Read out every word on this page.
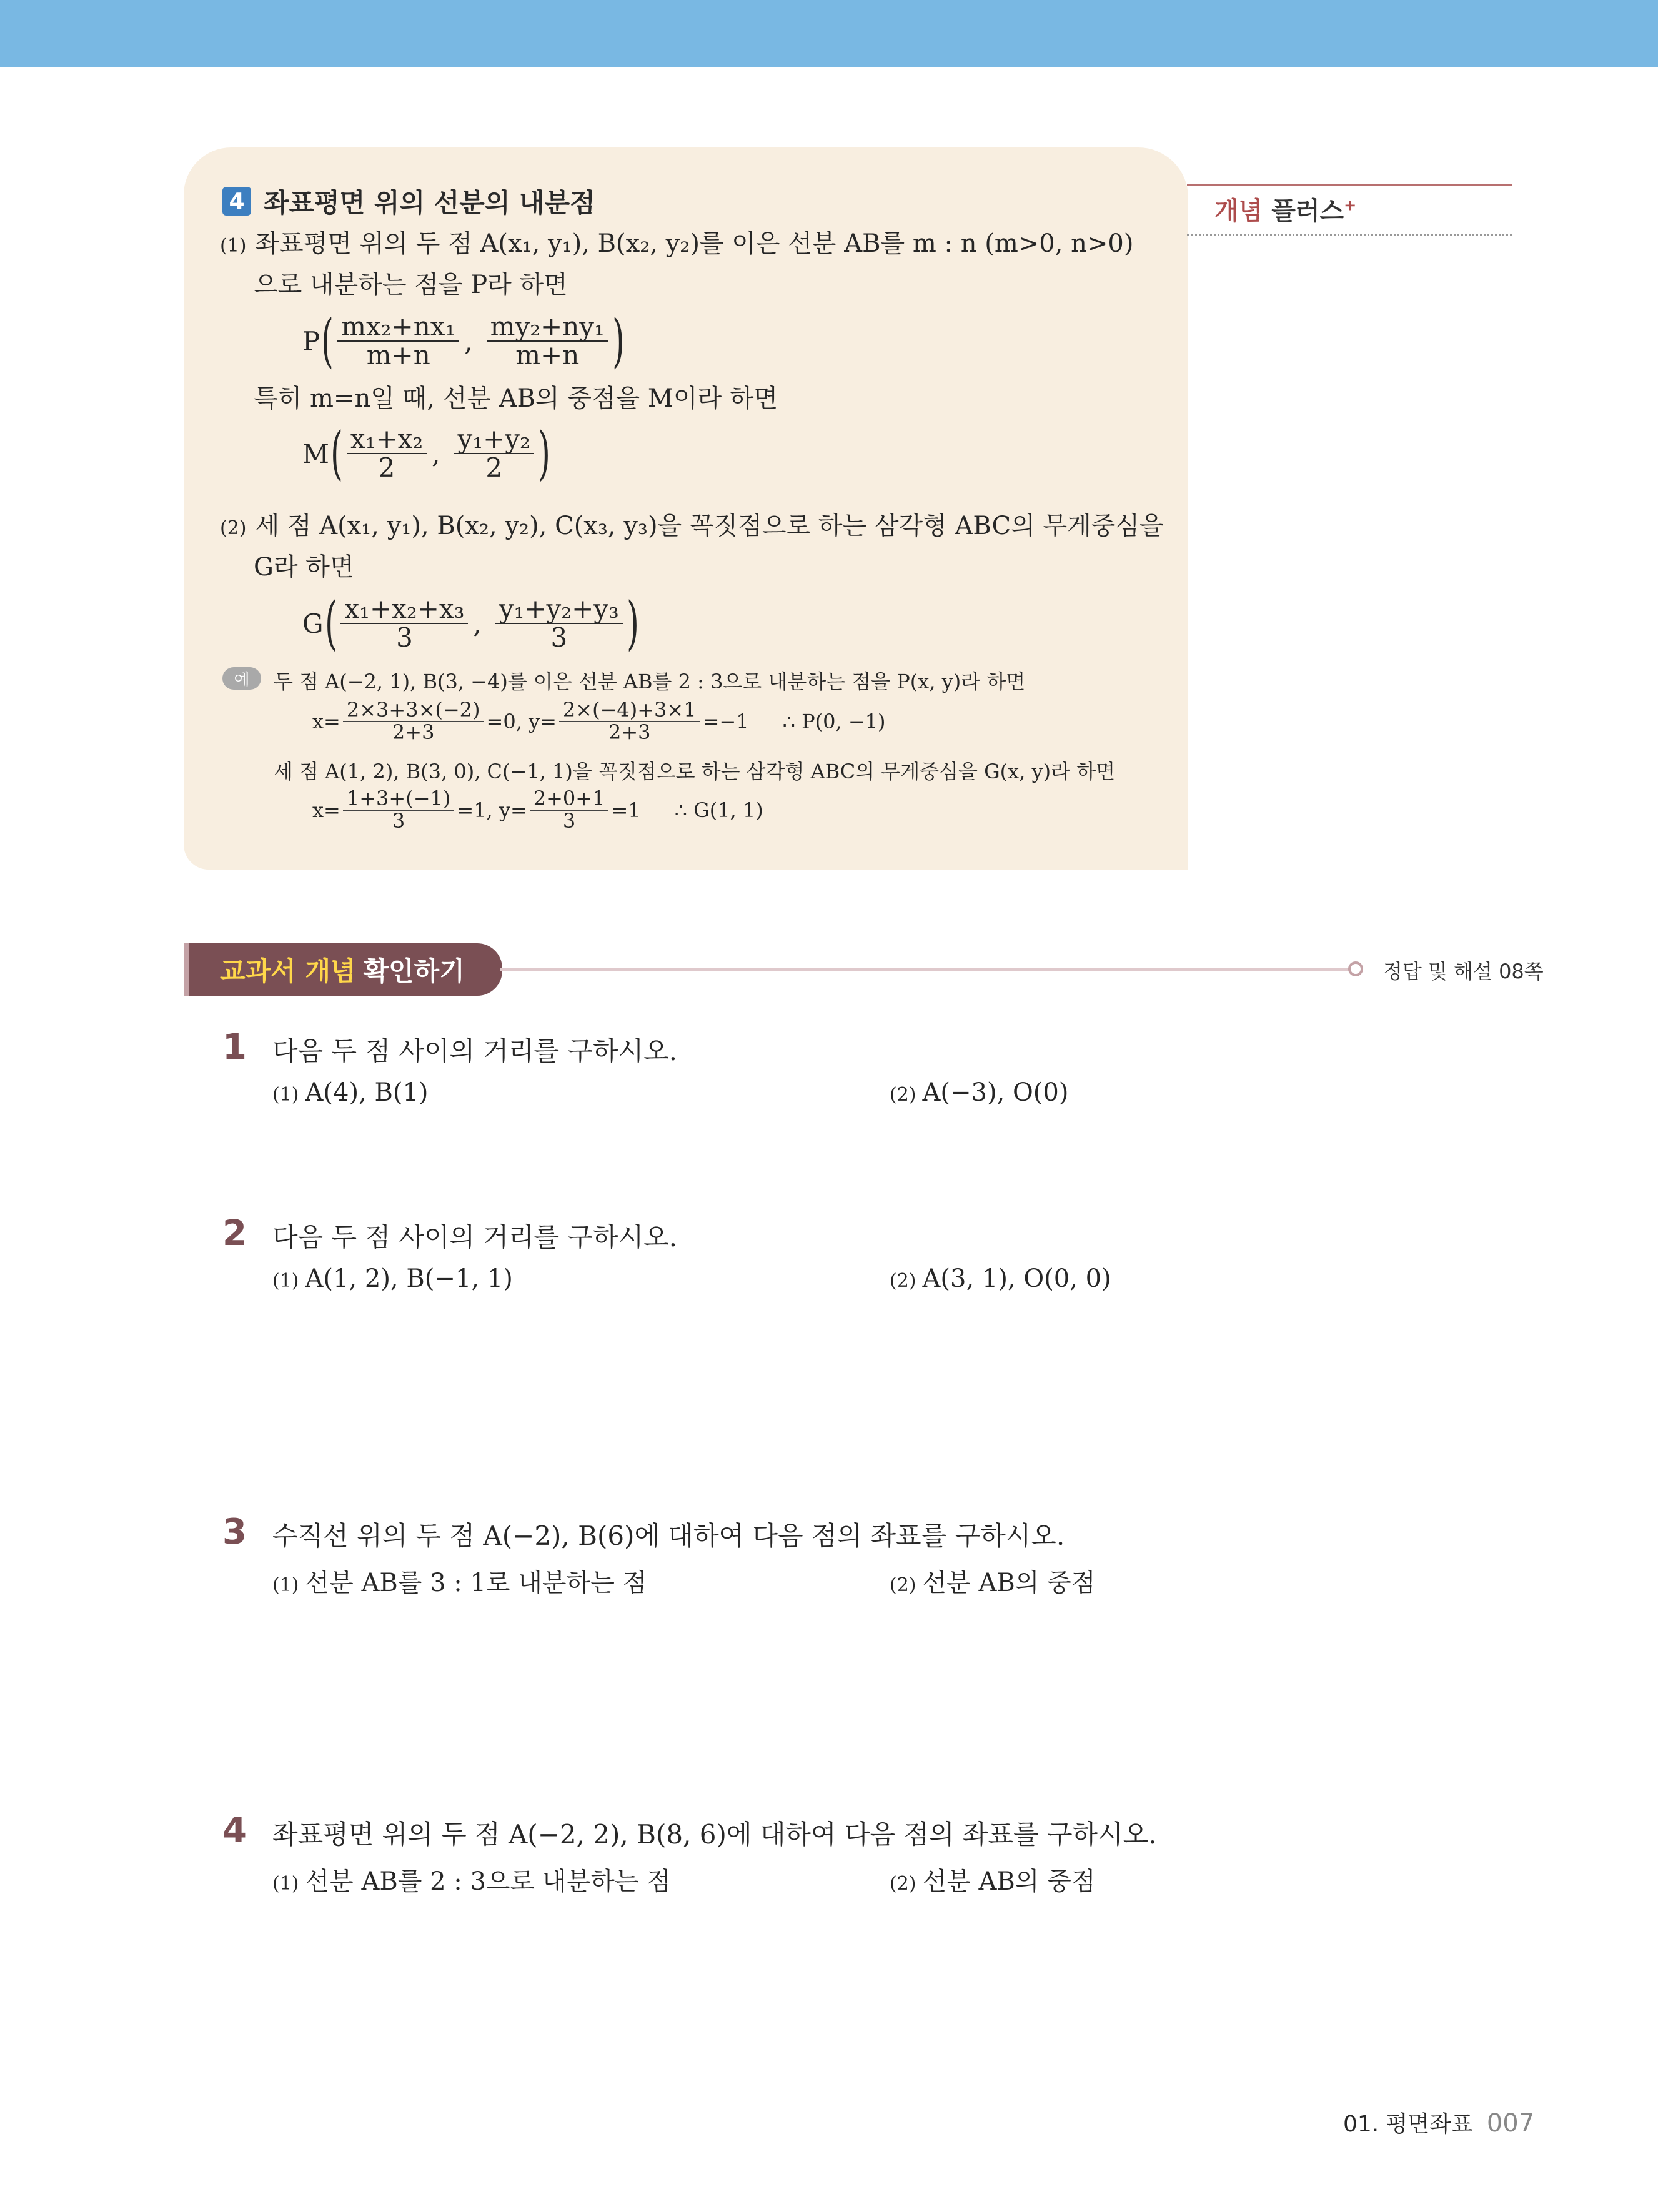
4 좌표평면 위의 선분의 내분점
(1) 좌표평면 위의 두 점 A(x₁, y₁), B(x₂, y₂)를 이은 선분 AB를 m : n (m>0, n>0)
으로 내분하는 점을 P라 하면
P ( $\frac{\text{mx₂+nx₁}}{m+n}$ , $\frac{\text{my₂+ny₁}}{m+n}$ )
특히 m=n일 때, 선분 AB의 중점을 M이라 하면
M ( $\frac{\text{x₁+x₂}}{2}$ , $\frac{\text{y₁+y₂}}{2}$ )
(2) 세 점 A(x₁, y₁), B(x₂, y₂), C(x₃, y₃)을 꼭짓점으로 하는 삼각형 ABC의 무게중심을
G라 하면
G ( $\frac{\text{x₁+x₂+x₃}}{3}$ , $\frac{\text{y₁+y₂+y₃}}{3}$ )
예	두 점 A(−2, 1), B(3, −4)를 이은 선분 AB를 2 : 3으로 내분하는 점을 P(x, y)라 하면
$x= \frac{2\times 3+3\times(-2)}{2+3} =0$, $y= \frac{2\times(-4)+3\times 1}{2+3} =-1$ ∴ P(0, −1)
세 점 A(1, 2), B(3, 0), C(−1, 1)을 꼭짓점으로 하는 삼각형 ABC의 무게중심을 G(x, y)라 하면
$x= \frac{1+3+(-1)}{3} =1$, $y= \frac{2+0+1}{3} =1$ ∴ G(1, 1)
개념 플러스+
교과서 개념 확인하기	정답 및 해설 08쪽
1 다음 두 점 사이의 거리를 구하시오.
(1) A(4), B(1)	(2) A(−3), O(0)
2 다음 두 점 사이의 거리를 구하시오.
(1) A(1, 2), B(−1, 1)	(2) A(3, 1), O(0, 0)
3 수직선 위의 두 점 A(−2), B(6)에 대하여 다음 점의 좌표를 구하시오.
(1) 선분 AB를 3 : 1로 내분하는 점	(2) 선분 AB의 중점
4 좌표평면 위의 두 점 A(−2, 2), B(8, 6)에 대하여 다음 점의 좌표를 구하시오.
(1) 선분 AB를 2 : 3으로 내분하는 점	(2) 선분 AB의 중점
01. 평면좌표 007
